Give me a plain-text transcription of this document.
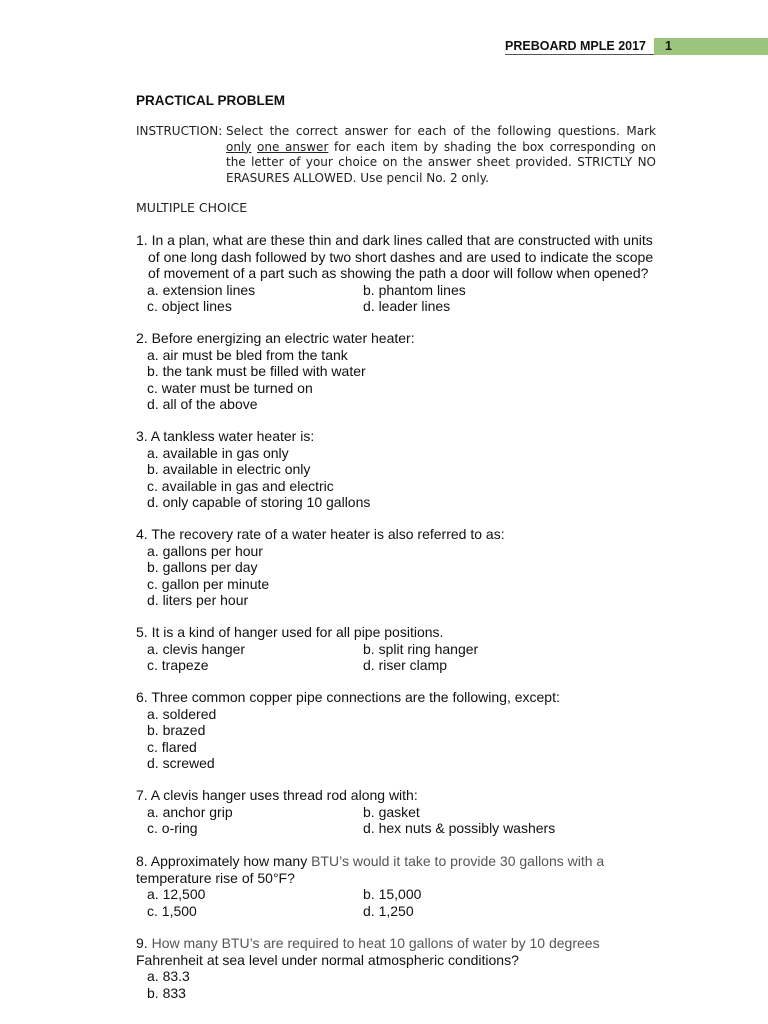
PREBOARD MPLE 2017 1
PRACTICAL PROBLEM
INSTRUCTION: Select the correct answer for each of the following questions. Mark only one answer for each item by shading the box corresponding on the letter of your choice on the answer sheet provided. STRICTLY NO ERASURES ALLOWED. Use pencil No. 2 only.
MULTIPLE CHOICE

1. In a plan, what are these thin and dark lines called that are constructed with units
of one long dash followed by two short dashes and are used to indicate the scope
of movement of a part such as showing the path a door will follow when opened?

a. extension lines	b. phantom lines
c. object lines	d. leader lines

2. Before energizing an electric water heater:

a. air must be bled from the tank
b. the tank must be filled with water
c. water must be turned on
d. all of the above

3. A tankless water heater is:

a. available in gas only
b. available in electric only
c. available in gas and electric
d. only capable of storing 10 gallons

4. The recovery rate of a water heater is also referred to as:

a. gallons per hour
b. gallons per day
c. gallon per minute
d. liters per hour

5. It is a kind of hanger used for all pipe positions.

a. clevis hanger	b. split ring hanger
c. trapeze	d. riser clamp

6. Three common copper pipe connections are the following, except:

a. soldered
b. brazed
c. flared
d. screwed

7. A clevis hanger uses thread rod along with:

a. anchor grip	b. gasket
c. o-ring	d. hex nuts & possibly washers

8. Approximately how many BTU’s would it take to provide 30 gallons with a
temperature rise of 50°F?

a. 12,500	b. 15,000
c. 1,500	d. 1,250

9. How many BTU’s are required to heat 10 gallons of water by 10 degrees
Fahrenheit at sea level under normal atmospheric conditions?

a. 83.3
b. 833
